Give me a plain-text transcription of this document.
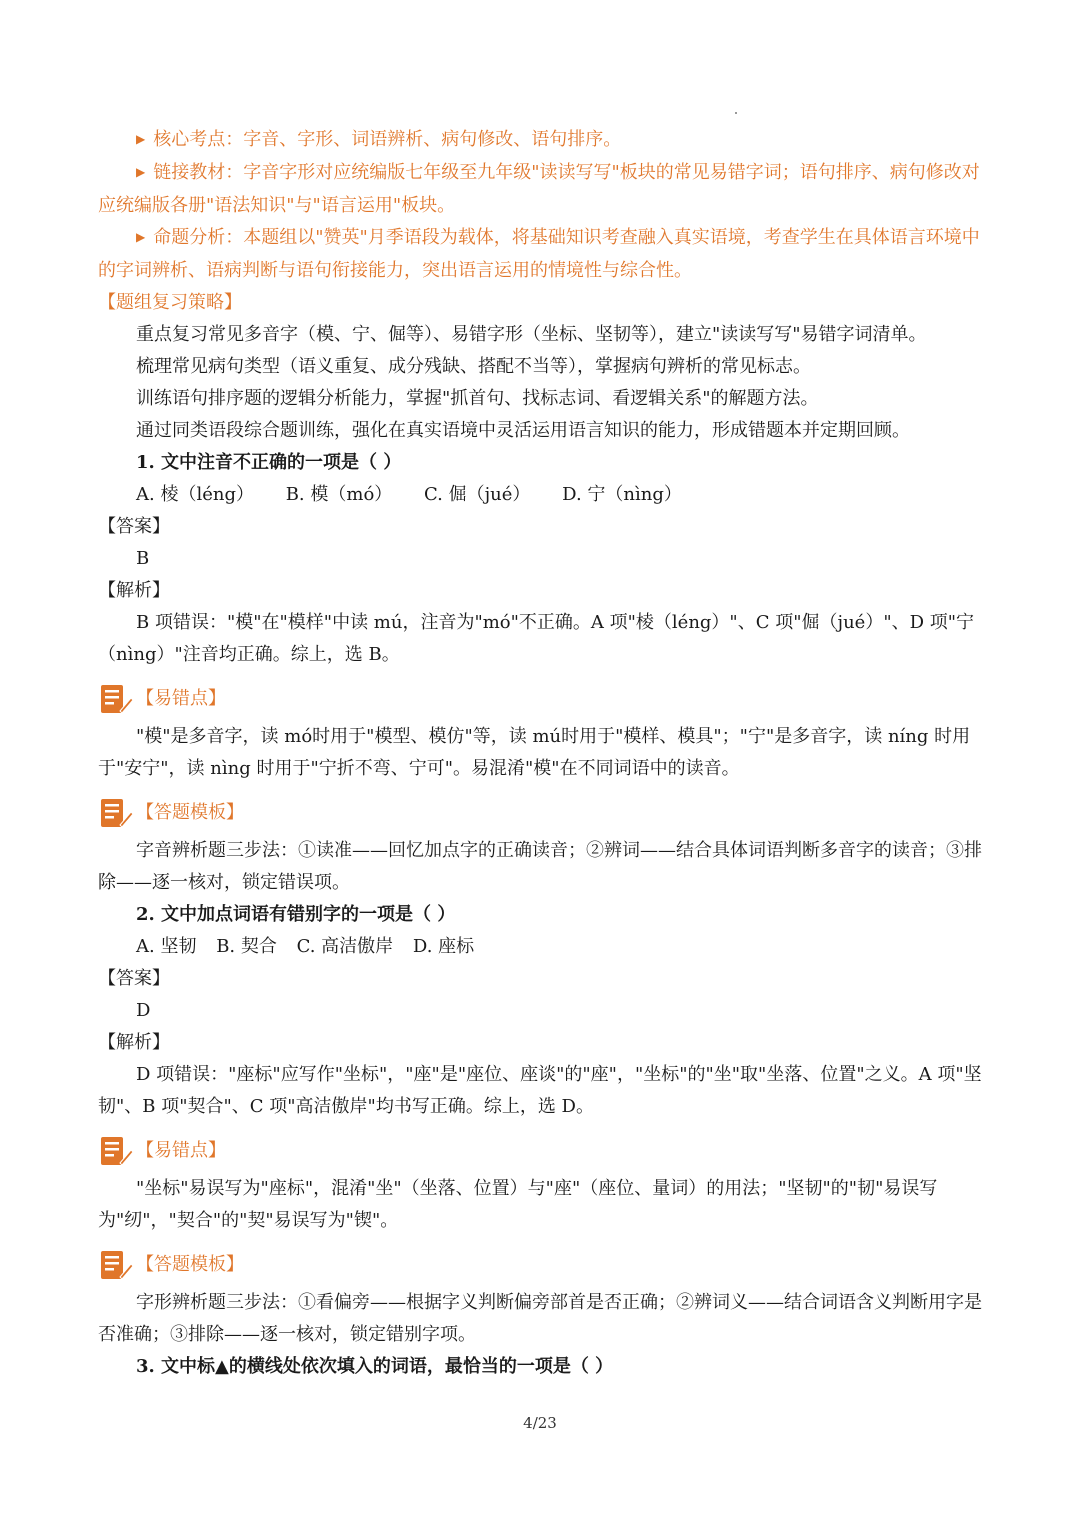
▶ 核心考点：字音、字形、词语辨析、病句修改、语句排序。

▶ 链接教材：字音字形对应统编版七年级至九年级"读读写写"板块的常见易错字词；语句排序、病句修改对应统编版各册"语法知识"与"语言运用"板块。

▶ 命题分析：本题组以"赞英"月季语段为载体，将基础知识考查融入真实语境，考查学生在具体语言环境中的字词辨析、语病判断与语句衔接能力，突出语言运用的情境性与综合性。

【题组复习策略】

重点复习常见多音字（模、宁、倔等）、易错字形（坐标、坚韧等），建立"读读写写"易错字词清单。

梳理常见病句类型（语义重复、成分残缺、搭配不当等），掌握病句辨析的常见标志。

训练语句排序题的逻辑分析能力，掌握"抓首句、找标志词、看逻辑关系"的解题方法。

通过同类语段综合题训练，强化在真实语境中灵活运用语言知识的能力，形成错题本并定期回顾。

1. 文中注音不正确的一项是（ ）

A. 棱（léng） B. 模（mó） C. 倔（jué） D. 宁（nìng）

【答案】

B

【解析】

B 项错误："模"在"模样"中读 mú，注音为"mó"不正确。A 项"棱（léng）"、C 项"倔（jué）"、D 项"宁（nìng）"注音均正确。综上，选 B。

【易错点】

"模"是多音字，读 mó时用于"模型、模仿"等，读 mú时用于"模样、模具"；"宁"是多音字，读 níng 时用于"安宁"，读 nìng 时用于"宁折不弯、宁可"。易混淆"模"在不同词语中的读音。

【答题模板】

字音辨析题三步法：①读准——回忆加点字的正确读音；②辨词——结合具体词语判断多音字的读音；③排除——逐一核对，锁定错误项。

2. 文中加点词语有错别字的一项是（ ）

A. 坚韧 B. 契合 C. 高洁傲岸 D. 座标

【答案】

D

【解析】

D 项错误："座标"应写作"坐标"，"座"是"座位、座谈"的"座"，"坐标"的"坐"取"坐落、位置"之义。A 项"坚韧"、B 项"契合"、C 项"高洁傲岸"均书写正确。综上，选 D。

【易错点】

"坐标"易误写为"座标"，混淆"坐"（坐落、位置）与"座"（座位、量词）的用法；"坚韧"的"韧"易误写为"纫"，"契合"的"契"易误写为"锲"。

【答题模板】

字形辨析题三步法：①看偏旁——根据字义判断偏旁部首是否正确；②辨词义——结合词语含义判断用字是否准确；③排除——逐一核对，锁定错别字项。

3. 文中标▲的横线处依次填入的词语，最恰当的一项是（ ）

4/23
